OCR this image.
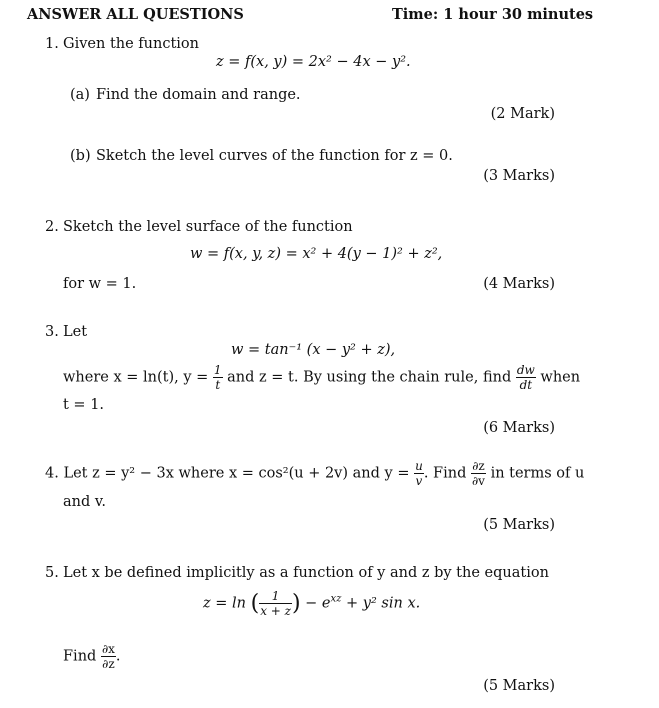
ANSWER ALL QUESTIONS	Time: 1 hour 30 minutes
1. Given the function
z = f(x, y) = 2x² − 4x − y².
(a) Find the domain and range.
(2 Mark)
(b) Sketch the level curves of the function for z = 0.
(3 Marks)
2. Sketch the level surface of the function
w = f(x, y, z) = x² + 4(y − 1)² + z²,
for w = 1.	(4 Marks)
3. Let
w = tan⁻¹ (x − y² + z),
where x = ln(t), $y = \frac{1}{t}$ and z = t. By using the chain rule, find $\frac{dw}{dt}$ when
t = 1.
(6 Marks)
4. Let z = y² − 3x where x = cos²(u + 2v) and $y = \frac{u}{v}$ . Find $\frac{\partial z}{\partial v}$ in terms of u
and v.
(5 Marks)
5. Let x be defined implicitly as a function of y and z by the equation
z = ln ( $\frac{1}{x + z}$ ) − $e^{xz} + y^2$ sin x.
Find $\frac{\partial x}{\partial z}$ .
(5 Marks)
